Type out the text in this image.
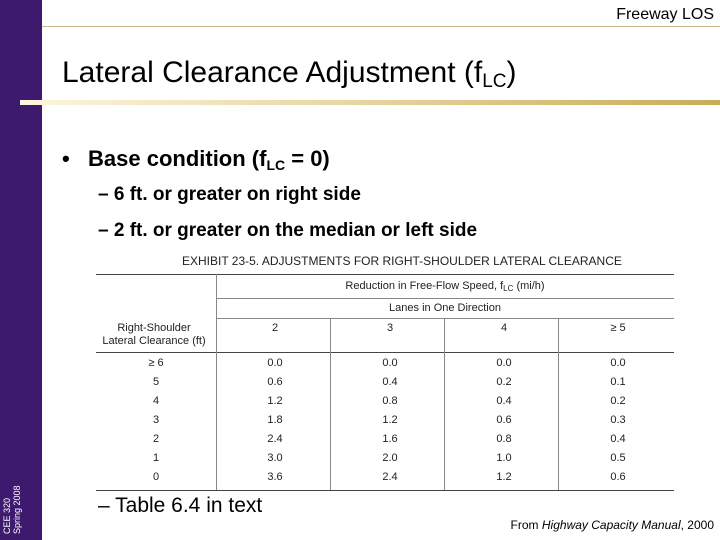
CEE 320 Spring 2008
Freeway LOS
Lateral Clearance Adjustment $(f_{LC})$
• Base condition $(f_{LC} = 0)$
– 6 ft. or greater on right side
– 2 ft. or greater on the median or left side
EXHIBIT 23-5. ADJUSTMENTS FOR RIGHT-SHOULDER LATERAL CLEARANCE
Reduction in Free-Flow Speed, $f_{LC}$ (mi/h)
Lanes in One Direction
Right-Shoulder
Lateral Clearance (ft)
2	3	4	≥ 5
≥ 6	0.0	0.0	0.0	0.0
5	0.6	0.4	0.2	0.1
4	1.2	0.8	0.4	0.2
3	1.8	1.2	0.6	0.3
2	2.4	1.6	0.8	0.4
1	3.0	2.0	1.0	0.5
0	3.6	2.4	1.2	0.6
– Table 6.4 in text
From Highway Capacity Manual, 2000
